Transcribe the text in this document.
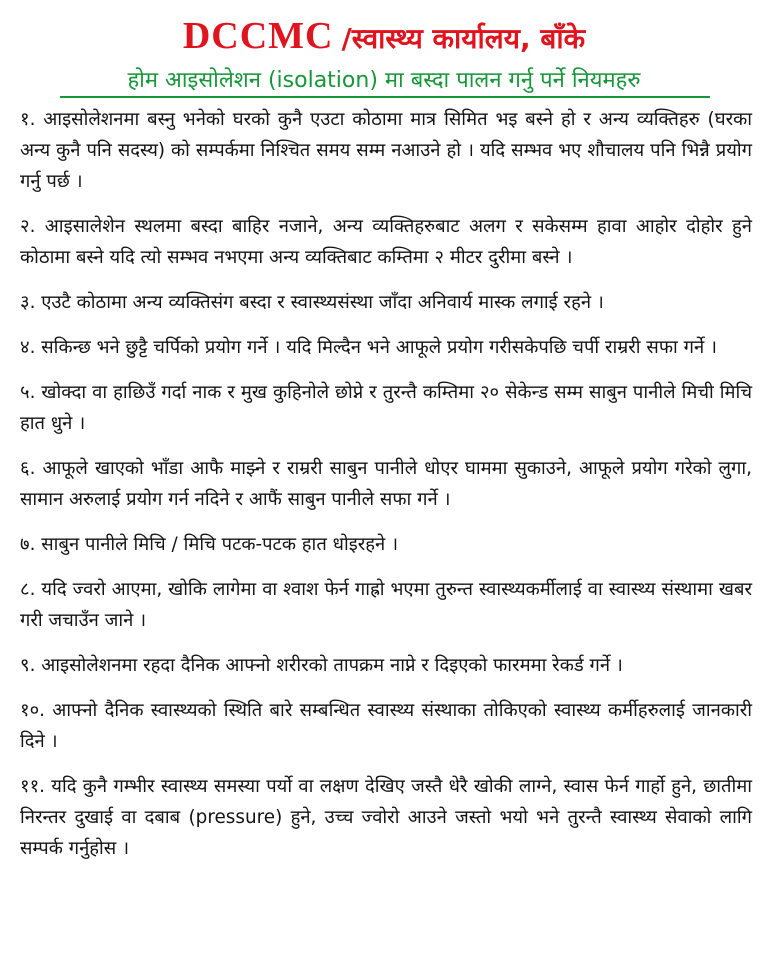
DCCMC /स्वास्थ्य कार्यालय, बाँके
होम आइसोलेशन (isolation) मा बस्दा पालन गर्नु पर्ने नियमहरु

१. आइसोलेशनमा बस्नु भनेको घरको कुनै एउटा कोठामा मात्र सिमित भइ बस्ने हो र अन्य व्यक्तिहरु (घरका अन्य कुनै पनि सदस्य) को सम्पर्कमा निश्चित समय सम्म नआउने हो । यदि सम्भव भए शौचालय पनि भिन्नै प्रयोग गर्नु पर्छ ।

२. आइसालेशेन स्थलमा बस्दा बाहिर नजाने, अन्य व्यक्तिहरुबाट अलग र सकेसम्म हावा आहोर दोहोर हुने कोठामा बस्ने यदि त्यो सम्भव नभएमा अन्य व्यक्तिबाट कम्तिमा २ मीटर दुरीमा बस्ने ।

३. एउटै कोठामा अन्य व्यक्तिसंग बस्दा र स्वास्थ्यसंस्था जाँदा अनिवार्य मास्क लगाई रहने ।

४. सकिन्छ भने छुट्टै चर्पिको प्रयोग गर्ने । यदि मिल्दैन भने आफूले प्रयोग गरीसकेपछि चर्पी राम्ररी सफा गर्ने ।

५. खोक्दा वा हाछिउँ गर्दा नाक र मुख कुहिनोले छोप्ने र तुरन्तै कम्तिमा २० सेकेन्ड सम्म साबुन पानीले मिची मिचि हात धुने ।

६. आफूले खाएको भाँडा आफै माझ्ने र राम्ररी साबुन पानीले धोएर घाममा सुकाउने, आफूले प्रयोग गरेको लुगा, सामान अरुलाई प्रयोग गर्न नदिने र आफैं साबुन पानीले सफा गर्ने ।

७. साबुन पानीले मिचि / मिचि पटक-पटक हात धोइरहने ।

८. यदि ज्वरो आएमा, खोकि लागेमा वा श्वाश फेर्न गाह्रो भएमा तुरुन्त स्वास्थ्यकर्मीलाई वा स्वास्थ्य संस्थामा खबर गरी जचाउँन जाने ।

९. आइसोलेशनमा रहदा दैनिक आफ्नो शरीरको तापक्रम नाप्ने र दिइएको फारममा रेकर्ड गर्ने ।

१०. आफ्नो दैनिक स्वास्थ्यको स्थिति बारे सम्बन्धित स्वास्थ्य संस्थाका तोकिएको स्वास्थ्य कर्मीहरुलाई जानकारी दिने ।

११. यदि कुनै गम्भीर स्वास्थ्य समस्या पर्यो वा लक्षण देखिए जस्तै धेरै खोकी लाग्ने, स्वास फेर्न गार्हो हुने, छातीमा निरन्तर दुखाई वा दबाब (pressure) हुने, उच्च ज्वोरो आउने जस्तो भयो भने तुरन्तै स्वास्थ्य सेवाको लागि सम्पर्क गर्नुहोस ।
